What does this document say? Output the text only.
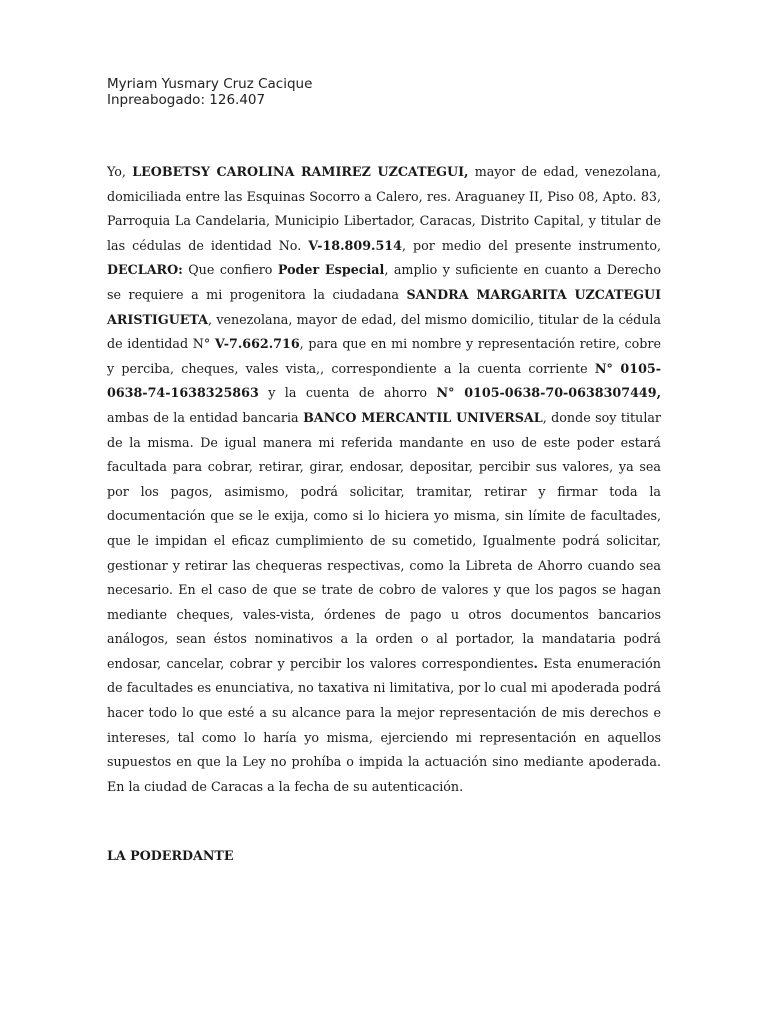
Myriam Yusmary Cruz Cacique
Inpreabogado: 126.407

Yo, LEOBETSY CAROLINA RAMIREZ UZCATEGUI, mayor de edad, venezolana, domiciliada entre las Esquinas Socorro a Calero, res. Araguaney II, Piso 08, Apto. 83, Parroquia La Candelaria, Municipio Libertador, Caracas, Distrito Capital, y titular de las cédulas de identidad No. V-18.809.514, por medio del presente instrumento, DECLARO: Que confiero Poder Especial, amplio y suficiente en cuanto a Derecho se requiere a mi progenitora la ciudadana SANDRA MARGARITA UZCATEGUI ARISTIGUETA, venezolana, mayor de edad, del mismo domicilio, titular de la cédula de identidad N° V-7.662.716, para que en mi nombre y representación retire, cobre y perciba, cheques, vales vista,, correspondiente a la cuenta corriente N° 0105-0638-74-1638325863 y la cuenta de ahorro N° 0105-0638-70-0638307449, ambas de la entidad bancaria BANCO MERCANTIL UNIVERSAL, donde soy titular de la misma. De igual manera mi referida mandante en uso de este poder estará facultada para cobrar, retirar, girar, endosar, depositar, percibir sus valores, ya sea por los pagos, asimismo, podrá solicitar, tramitar, retirar y firmar toda la documentación que se le exija, como si lo hiciera yo misma, sin límite de facultades, que le impidan el eficaz cumplimiento de su cometido, Igualmente podrá solicitar, gestionar y retirar las chequeras respectivas, como la Libreta de Ahorro cuando sea necesario. En el caso de que se trate de cobro de valores y que los pagos se hagan mediante cheques, vales-vista, órdenes de pago u otros documentos bancarios análogos, sean éstos nominativos a la orden o al portador, la mandataria podrá endosar, cancelar, cobrar y percibir los valores correspondientes. Esta enumeración de facultades es enunciativa, no taxativa ni limitativa, por lo cual mi apoderada podrá hacer todo lo que esté a su alcance para la mejor representación de mis derechos e intereses, tal como lo haría yo misma, ejerciendo mi representación en aquellos supuestos en que la Ley no prohíba o impida la actuación sino mediante apoderada. En la ciudad de Caracas a la fecha de su autenticación.

LA PODERDANTE
